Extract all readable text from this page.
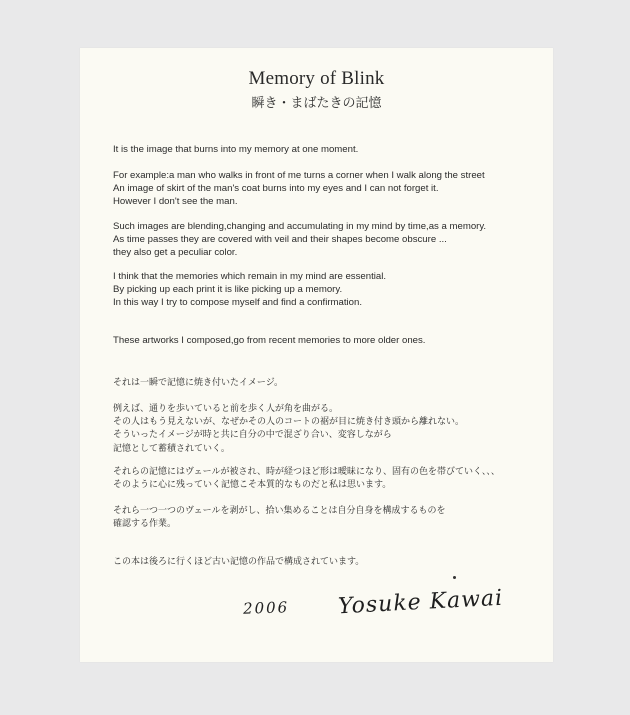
Memory of Blink
瞬き・まばたきの記憶
It is the image that burns into my memory at one moment.
For example:a man who walks in front of me turns a corner when I walk along the street
An image of skirt of the man's coat burns into my eyes and I can not forget it.
However I don't see the man.
Such images are blending,changing and accumulating in my mind by time,as a memory.
As time passes they are covered with veil and their shapes become obscure ...
they also get a peculiar color.
I think that the memories which remain in my mind are essential.
By picking up each print it is like picking up a memory.
In this way I try to compose myself and find a confirmation.
These artworks I composed,go from recent memories to more older ones.
それは一瞬で記憶に焼き付いたイメージ。
例えば、通りを歩いていると前を歩く人が角を曲がる。
その人はもう見えないが、なぜかその人のコートの裾が目に焼き付き頭から離れない。
そういったイメージが時と共に自分の中で混ざり合い、変容しながら
記憶として蓄積されていく。
それらの記憶にはヴェールが被され、時が経つほど形は曖昧になり、固有の色を帯びていく、、、
そのように心に残っていく記憶こそ本質的なものだと私は思います。
それら一つ一つのヴェールを剥がし、拾い集めることは自分自身を構成するものを
確認する作業。
この本は後ろに行くほど古い記憶の作品で構成されています。
2006 Yosuke Kawai
